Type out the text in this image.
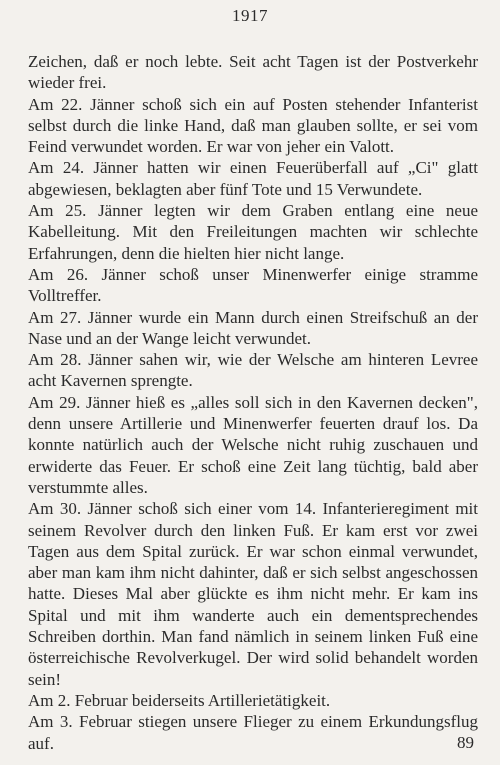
1917

Zeichen, daß er noch lebte. Seit acht Tagen ist der Postverkehr wieder frei.

Am 22. Jänner schoß sich ein auf Posten stehender Infanterist selbst durch die linke Hand, daß man glauben sollte, er sei vom Feind verwundet worden. Er war von jeher ein Valott.

Am 24. Jänner hatten wir einen Feuerüberfall auf „Ci" glatt abgewiesen, beklagten aber fünf Tote und 15 Verwundete.

Am 25. Jänner legten wir dem Graben entlang eine neue Kabelleitung. Mit den Freileitungen machten wir schlechte Erfahrungen, denn die hielten hier nicht lange.

Am 26. Jänner schoß unser Minenwerfer einige stramme Volltreffer.

Am 27. Jänner wurde ein Mann durch einen Streifschuß an der Nase und an der Wange leicht verwundet.

Am 28. Jänner sahen wir, wie der Welsche am hinteren Levree acht Kavernen sprengte.

Am 29. Jänner hieß es „alles soll sich in den Kavernen decken", denn unsere Artillerie und Minenwerfer feuerten drauf los. Da konnte natürlich auch der Welsche nicht ruhig zuschauen und erwiderte das Feuer. Er schoß eine Zeit lang tüchtig, bald aber verstummte alles.

Am 30. Jänner schoß sich einer vom 14. Infanterieregiment mit seinem Revolver durch den linken Fuß. Er kam erst vor zwei Tagen aus dem Spital zurück. Er war schon einmal verwundet, aber man kam ihm nicht dahinter, daß er sich selbst angeschossen hatte. Dieses Mal aber glückte es ihm nicht mehr. Er kam ins Spital und mit ihm wanderte auch ein dementsprechendes Schreiben dorthin. Man fand nämlich in seinem linken Fuß eine österreichische Revolverkugel. Der wird solid behandelt worden sein!

Am 2. Februar beiderseits Artillerietätigkeit.

Am 3. Februar stiegen unsere Flieger zu einem Erkundungsflug auf.	89
